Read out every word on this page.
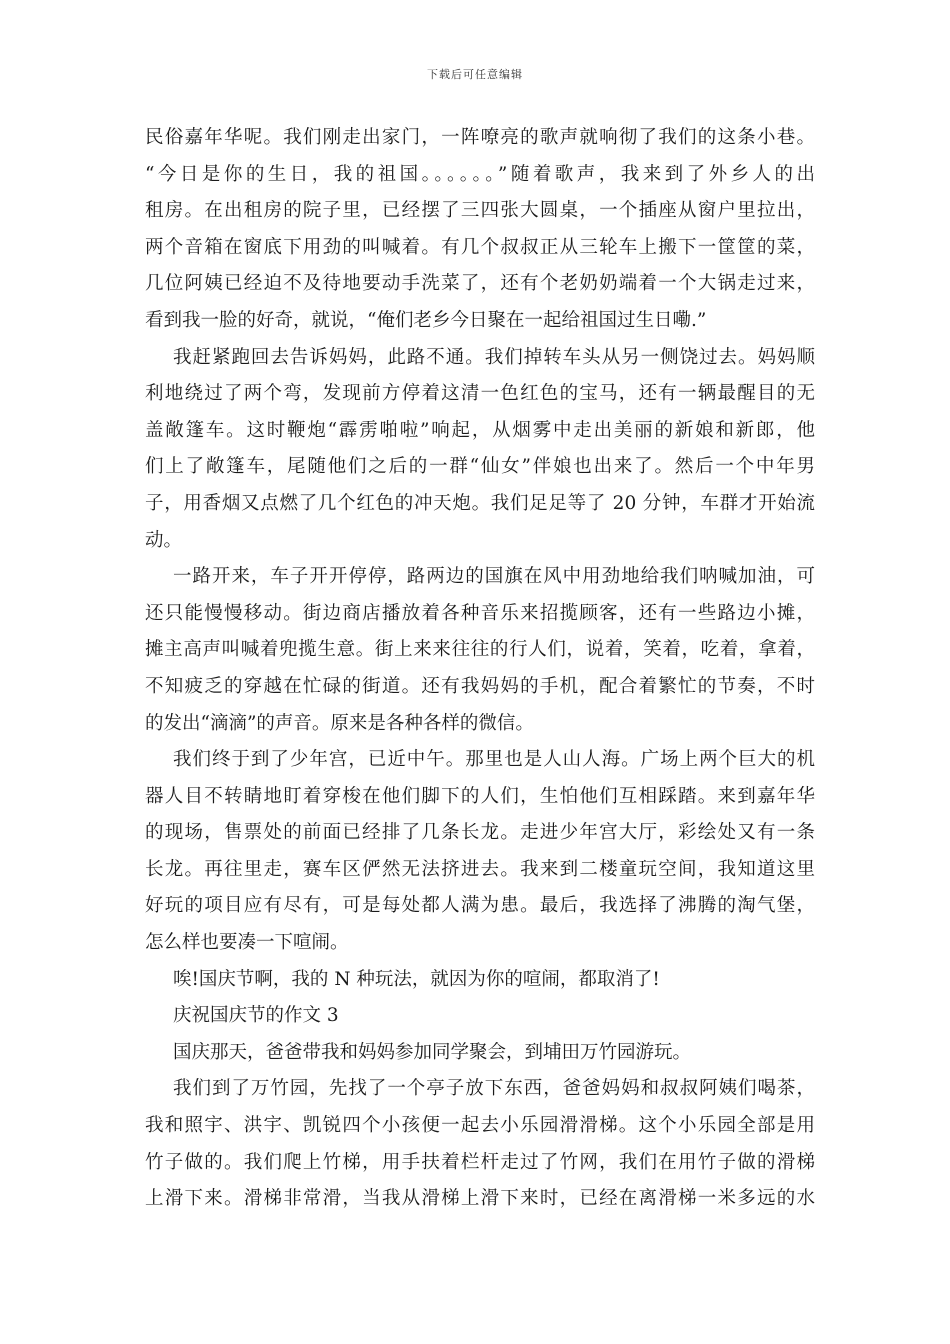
下载后可任意编辑
民俗嘉年华呢。我们刚走出家门，一阵嘹亮的歌声就响彻了我们的这条小巷。
“今日是你的生日，我的祖国。。。。。。”随着歌声，我来到了外乡人的出
租房。在出租房的院子里，已经摆了三四张大圆桌，一个插座从窗户里拉出，
两个音箱在窗底下用劲的叫喊着。有几个叔叔正从三轮车上搬下一筐筐的菜，
几位阿姨已经迫不及待地要动手洗菜了，还有个老奶奶端着一个大锅走过来，
看到我一脸的好奇，就说，“俺们老乡今日聚在一起给祖国过生日嘞.”
我赶紧跑回去告诉妈妈，此路不通。我们掉转车头从另一侧饶过去。妈妈顺
利地绕过了两个弯，发现前方停着这清一色红色的宝马，还有一辆最醒目的无
盖敞篷车。这时鞭炮“霹雳啪啦”响起，从烟雾中走出美丽的新娘和新郎，他
们上了敞篷车，尾随他们之后的一群“仙女”伴娘也出来了。然后一个中年男
子，用香烟又点燃了几个红色的冲天炮。我们足足等了 20 分钟，车群才开始流
动。
一路开来，车子开开停停，路两边的国旗在风中用劲地给我们呐喊加油，可
还只能慢慢移动。街边商店播放着各种音乐来招揽顾客，还有一些路边小摊，
摊主高声叫喊着兜揽生意。街上来来往往的行人们，说着，笑着，吃着，拿着，
不知疲乏的穿越在忙碌的街道。还有我妈妈的手机，配合着繁忙的节奏，不时
的发出“滴滴”的声音。原来是各种各样的微信。
我们终于到了少年宫，已近中午。那里也是人山人海。广场上两个巨大的机
器人目不转睛地盯着穿梭在他们脚下的人们，生怕他们互相踩踏。来到嘉年华
的现场，售票处的前面已经排了几条长龙。走进少年宫大厅，彩绘处又有一条
长龙。再往里走，赛车区俨然无法挤进去。我来到二楼童玩空间，我知道这里
好玩的项目应有尽有，可是每处都人满为患。最后，我选择了沸腾的淘气堡，
怎么样也要凑一下喧闹。
唉!国庆节啊，我的 N 种玩法，就因为你的喧闹，都取消了!
庆祝国庆节的作文 3
国庆那天，爸爸带我和妈妈参加同学聚会，到埔田万竹园游玩。
我们到了万竹园，先找了一个亭子放下东西，爸爸妈妈和叔叔阿姨们喝茶，
我和照宇、洪宇、凯锐四个小孩便一起去小乐园滑滑梯。这个小乐园全部是用
竹子做的。我们爬上竹梯，用手扶着栏杆走过了竹网，我们在用竹子做的滑梯
上滑下来。滑梯非常滑，当我从滑梯上滑下来时，已经在离滑梯一米多远的水
